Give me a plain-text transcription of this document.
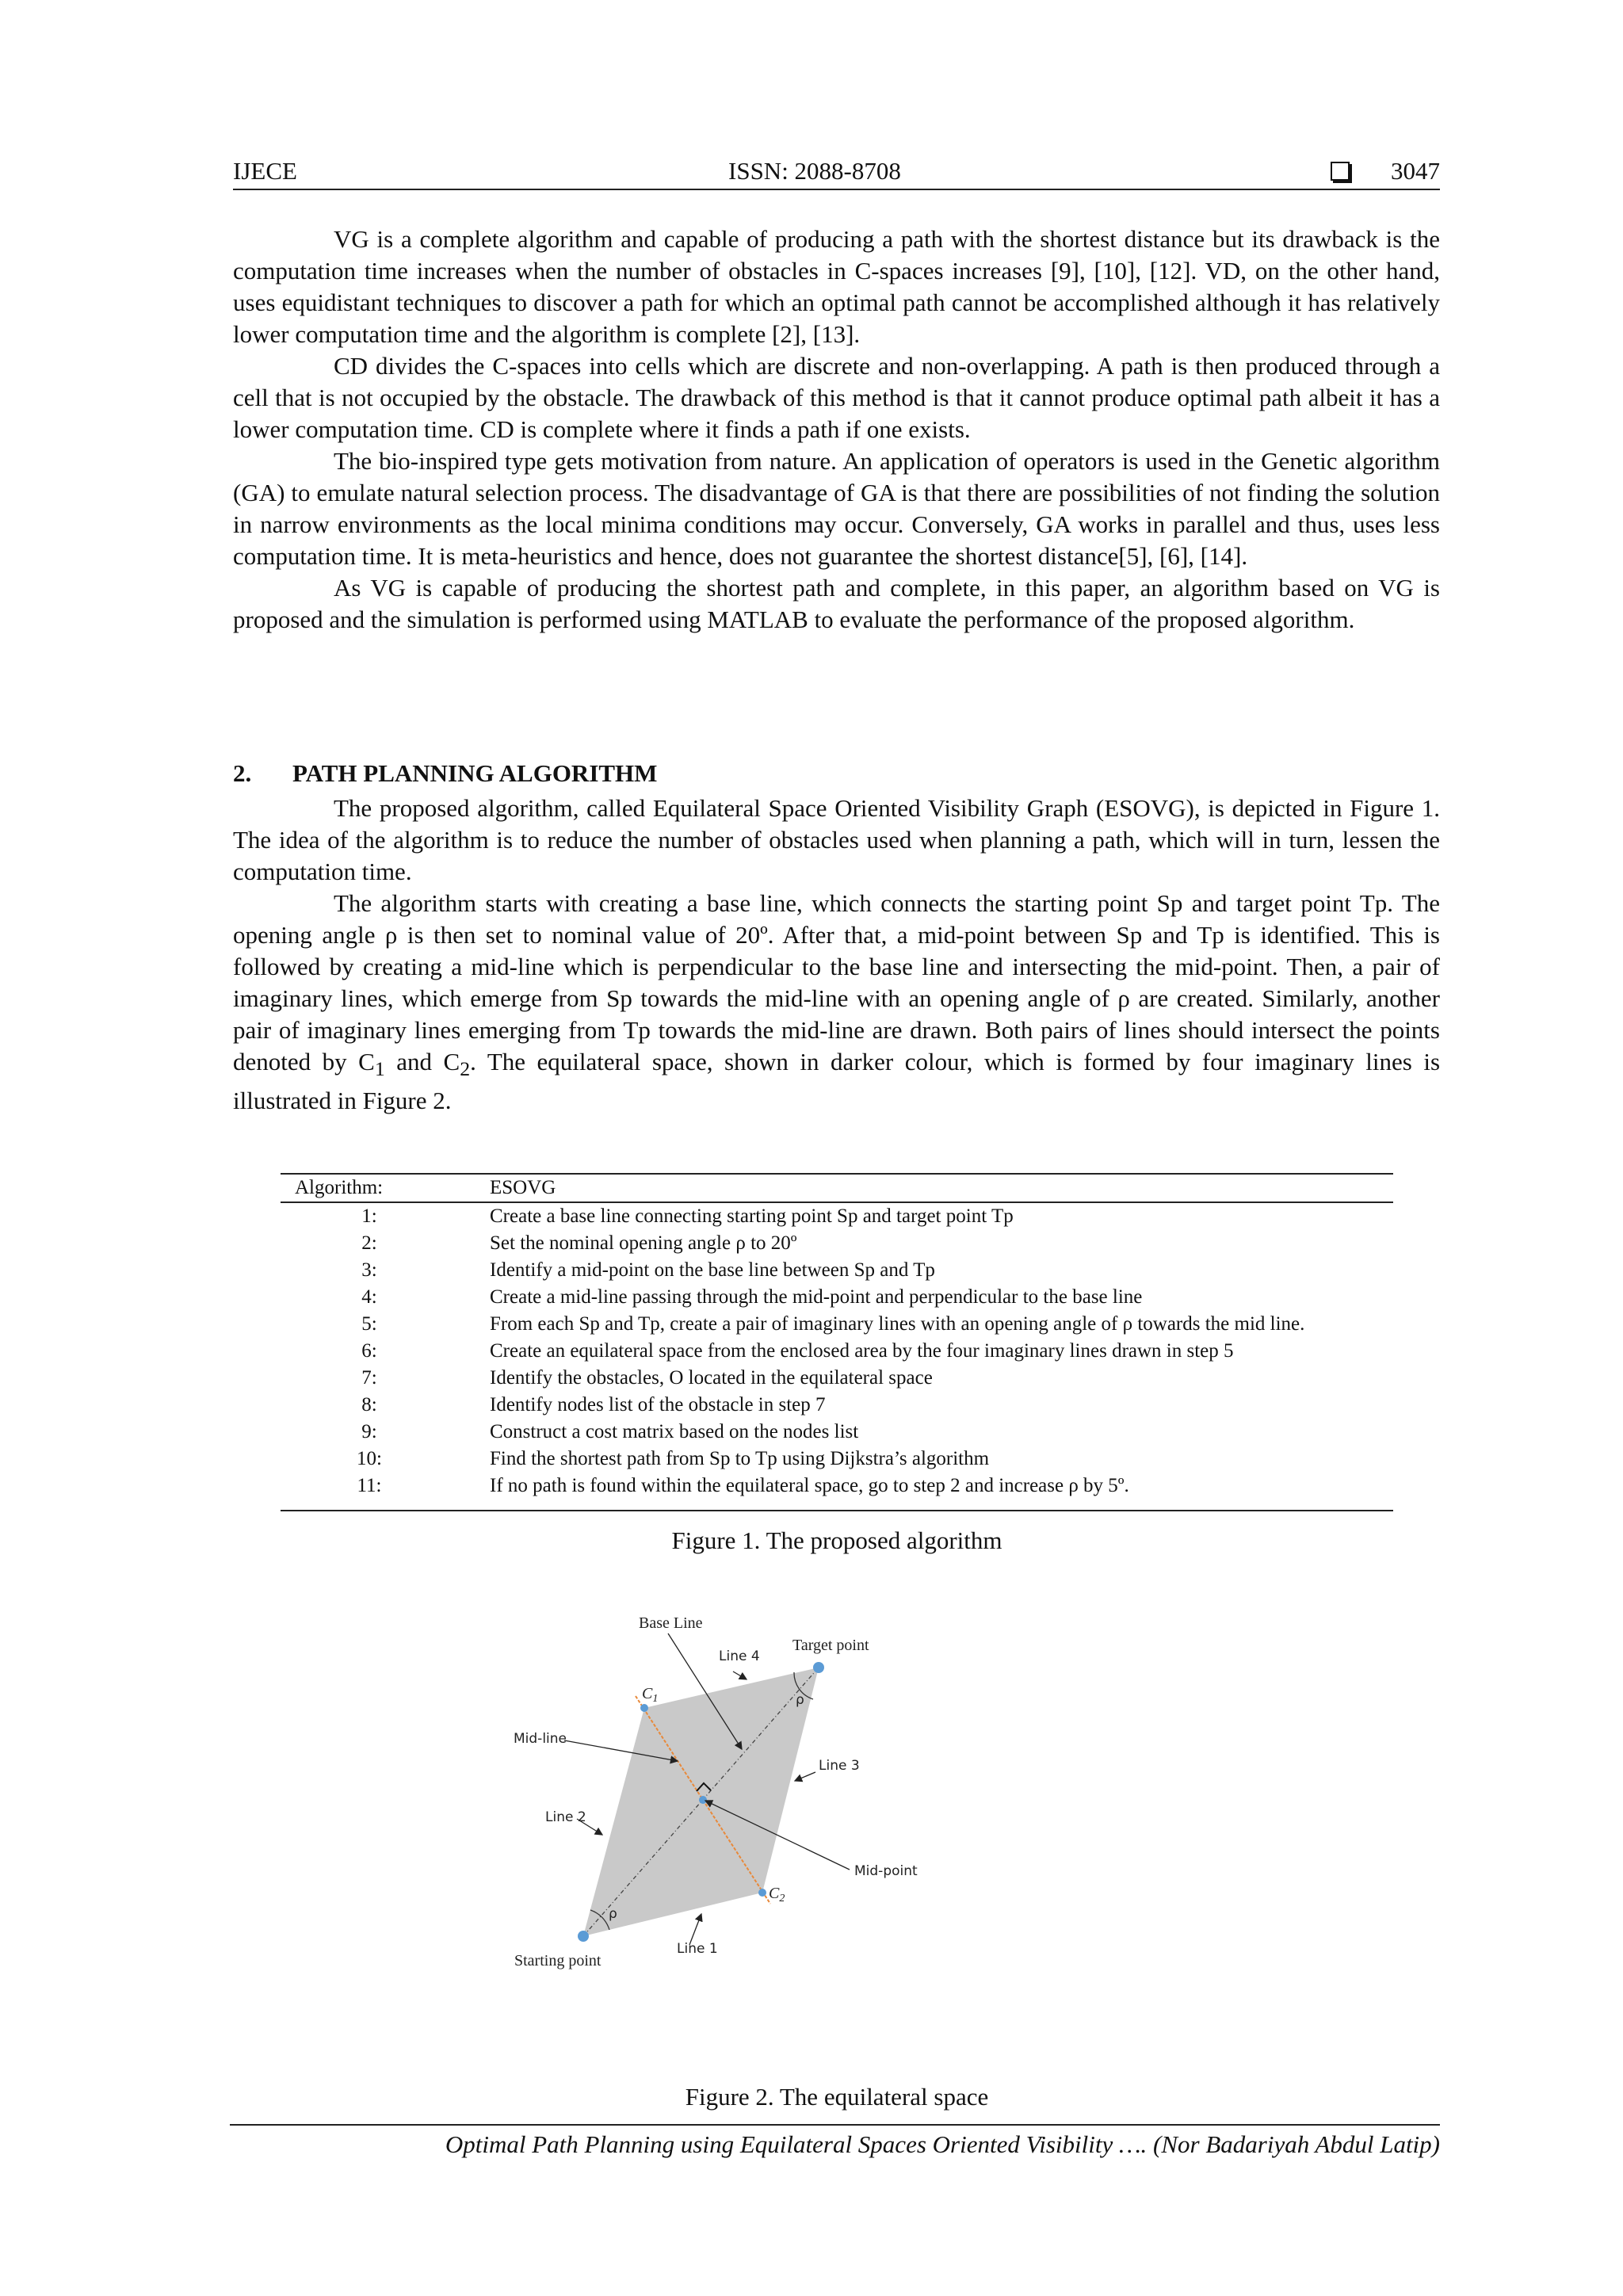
IJECE	ISSN: 2088-8708	3047

VG is a complete algorithm and capable of producing a path with the shortest distance but its drawback is the computation time increases when the number of obstacles in C-spaces increases [9], [10], [12]. VD, on the other hand, uses equidistant techniques to discover a path for which an optimal path cannot be accomplished although it has relatively lower computation time and the algorithm is complete [2], [13].

CD divides the C-spaces into cells which are discrete and non-overlapping. A path is then produced through a cell that is not occupied by the obstacle. The drawback of this method is that it cannot produce optimal path albeit it has a lower computation time. CD is complete where it finds a path if one exists.

The bio-inspired type gets motivation from nature. An application of operators is used in the Genetic algorithm (GA) to emulate natural selection process. The disadvantage of GA is that there are possibilities of not finding the solution in narrow environments as the local minima conditions may occur. Conversely, GA works in parallel and thus, uses less computation time. It is meta-heuristics and hence, does not guarantee the shortest distance[5], [6], [14].

As VG is capable of producing the shortest path and complete, in this paper, an algorithm based on VG is proposed and the simulation is performed using MATLAB to evaluate the performance of the proposed algorithm.

2. PATH PLANNING ALGORITHM

The proposed algorithm, called Equilateral Space Oriented Visibility Graph (ESOVG), is depicted in Figure 1. The idea of the algorithm is to reduce the number of obstacles used when planning a path, which will in turn, lessen the computation time.

The algorithm starts with creating a base line, which connects the starting point Sp and target point Tp. The opening angle ρ is then set to nominal value of 20º. After that, a mid-point between Sp and Tp is identified. This is followed by creating a mid-line which is perpendicular to the base line and intersecting the mid-point. Then, a pair of imaginary lines, which emerge from Sp towards the mid-line with an opening angle of ρ are created. Similarly, another pair of imaginary lines emerging from Tp towards the mid-line are drawn. Both pairs of lines should intersect the points denoted by $C_1$ and $C_2$. The equilateral space, shown in darker colour, which is formed by four imaginary lines is illustrated in Figure 2.

Algorithm:	ESOVG
1:	Create a base line connecting starting point Sp and target point Tp
2:	Set the nominal opening angle ρ to 20º
3:	Identify a mid-point on the base line between Sp and Tp
4:	Create a mid-line passing through the mid-point and perpendicular to the base line
5:	From each Sp and Tp, create a pair of imaginary lines with an opening angle of ρ towards the mid line.
6:	Create an equilateral space from the enclosed area by the four imaginary lines drawn in step 5
7:	Identify the obstacles, O located in the equilateral space
8:	Identify nodes list of the obstacle in step 7
9:	Construct a cost matrix based on the nodes list
10:	Find the shortest path from Sp to Tp using Dijkstra’s algorithm
11:	If no path is found within the equilateral space, go to step 2 and increase ρ by 5º.
Figure 1. The proposed algorithm
Base Line
Line 4
Target point
$C_1$
Mid-line
Line 3
Line 2
Mid-point
$C_2$
ρ
ρ
Line 1
Starting point
Figure 2. The equilateral space
Optimal Path Planning using Equilateral Spaces Oriented Visibility …. (Nor Badariyah Abdul Latip)
